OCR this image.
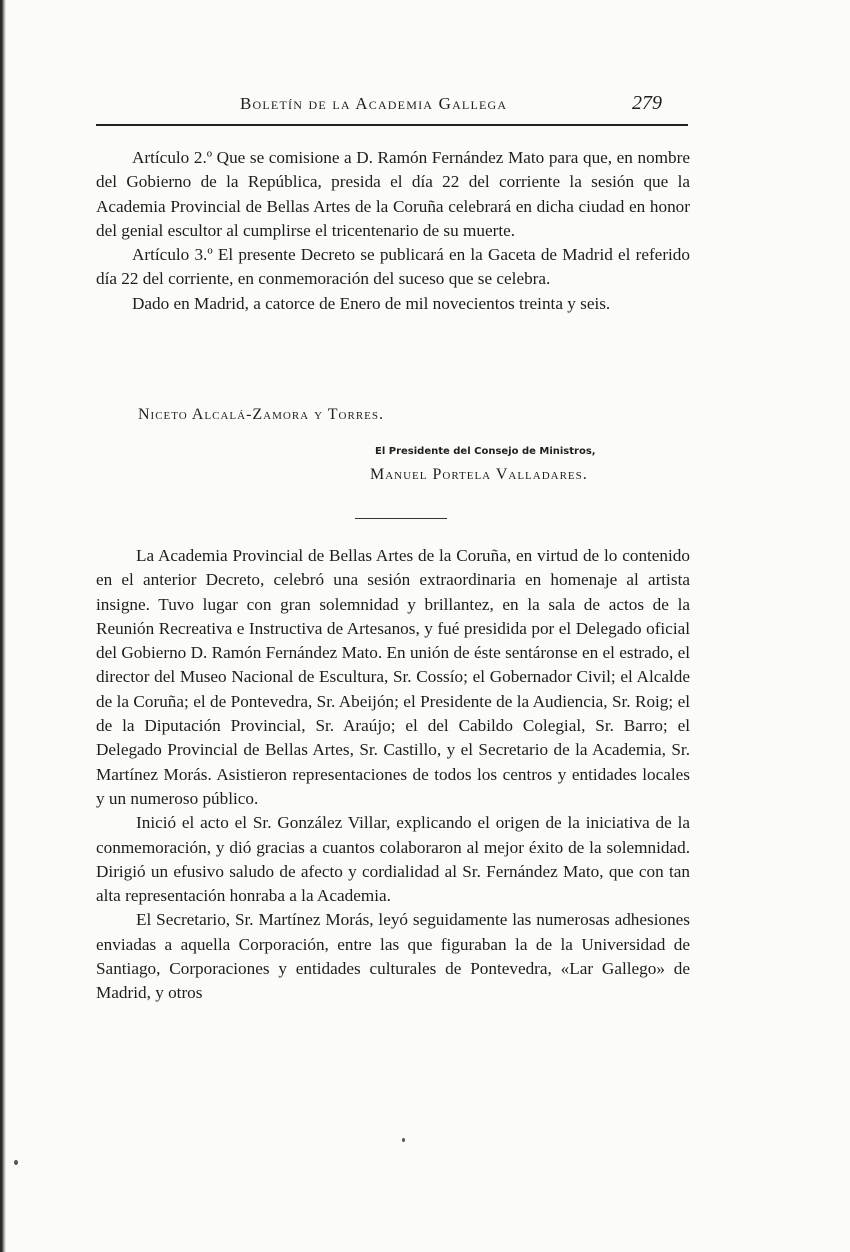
Boletín de la Academia Gallega	279

Artículo 2.º Que se comisione a D. Ramón Fernández Mato para que, en nombre del Gobierno de la República, presida el día 22 del corriente la sesión que la Academia Provincial de Bellas Artes de la Coruña celebrará en dicha ciudad en honor del genial escultor al cumplirse el tricentenario de su muerte.

Artículo 3.º El presente Decreto se publicará en la Gaceta de Madrid el referido día 22 del corriente, en conmemoración del suceso que se celebra.

Dado en Madrid, a catorce de Enero de mil novecientos treinta y seis.

Niceto Alcalá-Zamora y Torres.
El Presidente del Consejo de Ministros,
Manuel Portela Valladares.

La Academia Provincial de Bellas Artes de la Coruña, en virtud de lo contenido en el anterior Decreto, celebró una sesión extraordinaria en homenaje al artista insigne. Tuvo lugar con gran solemnidad y brillantez, en la sala de actos de la Reunión Recreativa e Instructiva de Artesanos, y fué presidida por el Delegado oficial del Gobierno D. Ramón Fernández Mato. En unión de éste sentáronse en el estrado, el director del Museo Nacional de Escultura, Sr. Cossío; el Gobernador Civil; el Alcalde de la Coruña; el de Pontevedra, Sr. Abeijón; el Presidente de la Audiencia, Sr. Roig; el de la Diputación Provincial, Sr. Araújo; el del Cabildo Colegial, Sr. Barro; el Delegado Provincial de Bellas Artes, Sr. Castillo, y el Secretario de la Academia, Sr. Martínez Morás. Asistieron representaciones de todos los centros y entidades locales y un numeroso público.

Inició el acto el Sr. González Villar, explicando el origen de la iniciativa de la conmemoración, y dió gracias a cuantos colaboraron al mejor éxito de la solemnidad. Dirigió un efusivo saludo de afecto y cordialidad al Sr. Fernández Mato, que con tan alta representación honraba a la Academia.

El Secretario, Sr. Martínez Morás, leyó seguidamente las numerosas adhesiones enviadas a aquella Corporación, entre las que figuraban la de la Universidad de Santiago, Corporaciones y entidades culturales de Pontevedra, «Lar Gallego» de Madrid, y otros
